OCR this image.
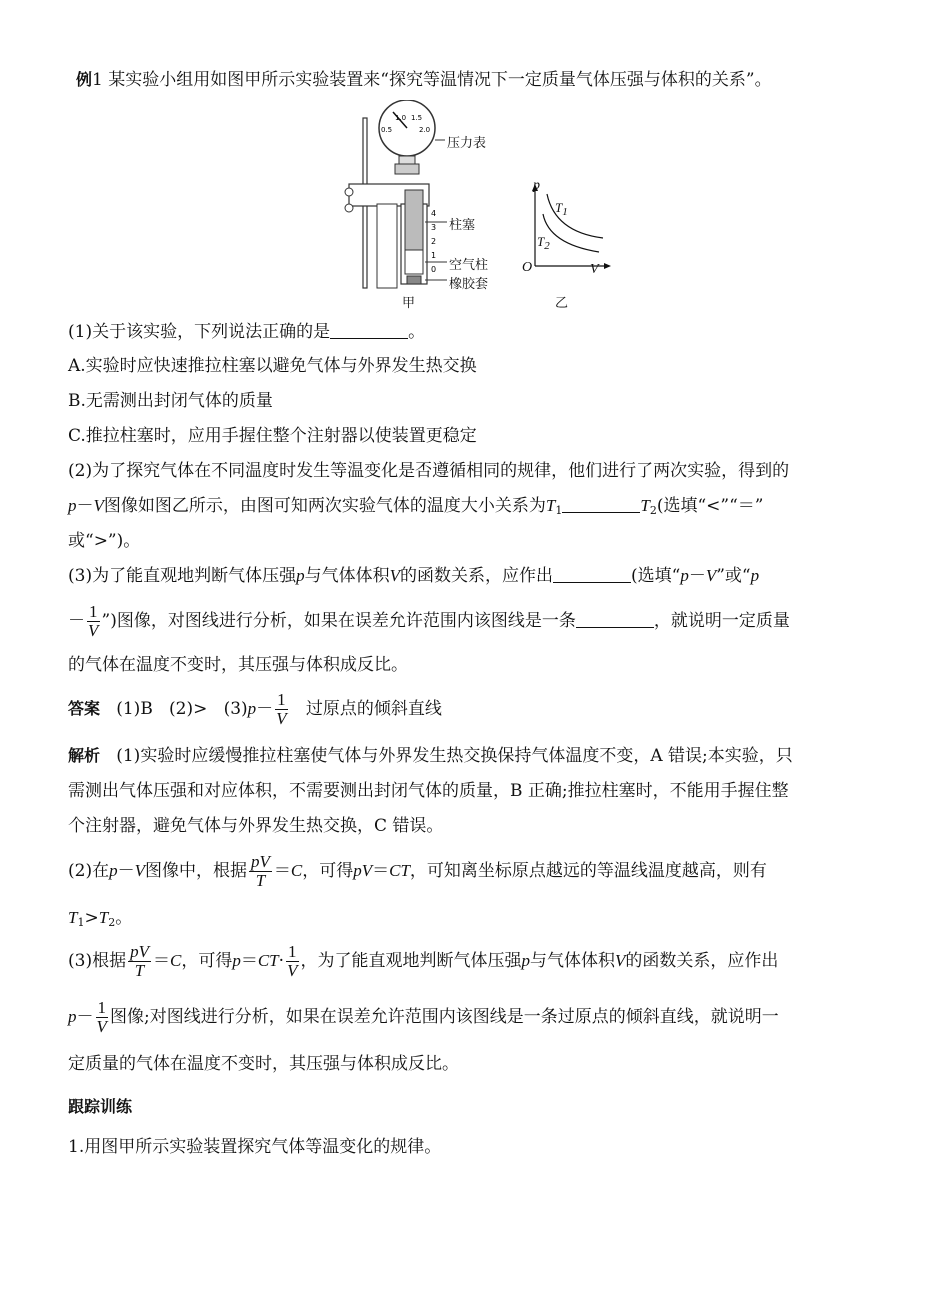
例1 某实验小组用如图甲所示实验装置来“探究等温情况下一定质量气体压强与体积的关系”。
0.5
1.0 1.5
2.0
4
3
2
1
0
压力表
柱塞
空气柱
橡胶套
甲
p
V
O
$T_1$
$T_2$
乙
(1)关于该实验，下列说法正确的是	。
A.实验时应快速推拉柱塞以避免气体与外界发生热交换
B.无需测出封闭气体的质量
C.推拉柱塞时，应用手握住整个注射器以使装置更稳定
(2)为了探究气体在不同温度时发生等温变化是否遵循相同的规律，他们进行了两次实验，得到的
p－V图像如图乙所示，由图可知两次实验气体的温度大小关系为$T_1$	$T_2$(选填“<”“＝”
或“>”)。
(3)为了能直观地判断气体压强p与气体体积V的函数关系，应作出	(选填“p－V”或“p
－ $\frac{1}{V}$ ”)图像，对图线进行分析，如果在误差允许范围内该图线是一条	，就说明一定质量
的气体在温度不变时，其压强与体积成反比。
答案 (1)B $(2)> (3)p- \frac{1}{V}$ 过原点的倾斜直线
解析 (1)实验时应缓慢推拉柱塞使气体与外界发生热交换保持气体温度不变，A 错误;本实验，只
需测出气体压强和对应体积，不需要测出封闭气体的质量，B 正确;推拉柱塞时，不能用手握住整
个注射器，避免气体与外界发生热交换，C 错误。
(2)在p－V图像中，根据 $\frac{pV}{T} =C$，可得pV＝CT，可知离坐标原点越远的等温线温度越高，则有
$T_1>T_2$。
(3)根据 $\frac{pV}{T} =C$，可得$p=CT\cdot \frac{1}{V}$ ，为了能直观地判断气体压强p与气体体积V的函数关系，应作出
$p- \frac{1}{V}$ 图像;对图线进行分析，如果在误差允许范围内该图线是一条过原点的倾斜直线，就说明一
定质量的气体在温度不变时，其压强与体积成反比。
跟踪训练
1.用图甲所示实验装置探究气体等温变化的规律。
